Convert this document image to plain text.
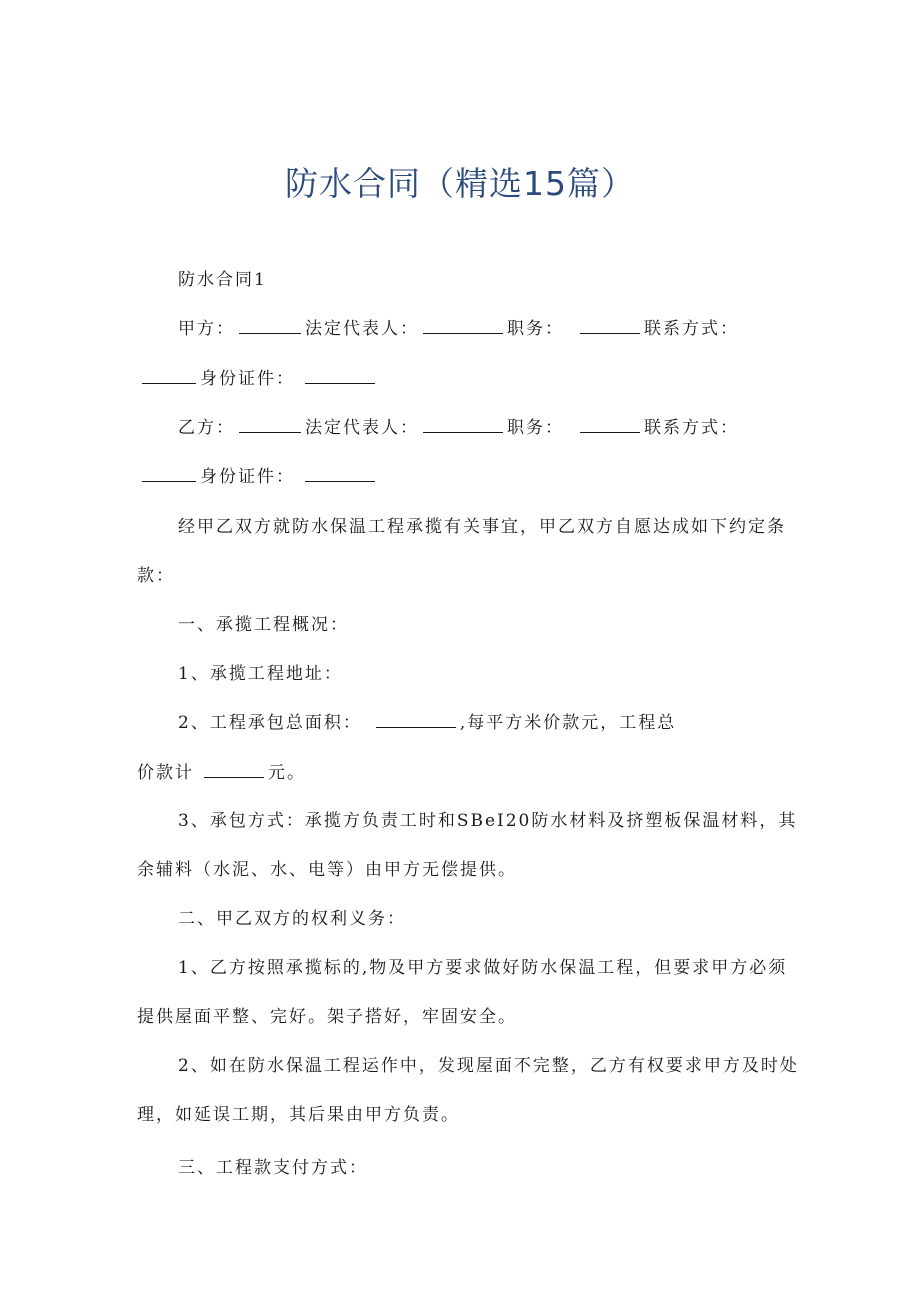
防水合同（精选15篇）
防水合同1
甲方：	法定代表人：	职务：	联系方式：
身份证件：
乙方：	法定代表人：	职务：	联系方式：
身份证件：
经甲乙双方就防水保温工程承揽有关事宜，甲乙双方自愿达成如下约定条
款：
一、承揽工程概况：
1、承揽工程地址：
2、工程承包总面积：	,每平方米价款元，工程总
价款计	元。
3、承包方式：承揽方负责工时和SBeI20防水材料及挤塑板保温材料，其
余辅料（水泥、水、电等）由甲方无偿提供。
二、甲乙双方的权利义务：
1、乙方按照承揽标的,物及甲方要求做好防水保温工程，但要求甲方必须
提供屋面平整、完好。架子搭好，牢固安全。
2、如在防水保温工程运作中，发现屋面不完整，乙方有权要求甲方及时处
理，如延误工期，其后果由甲方负责。
三、工程款支付方式：
